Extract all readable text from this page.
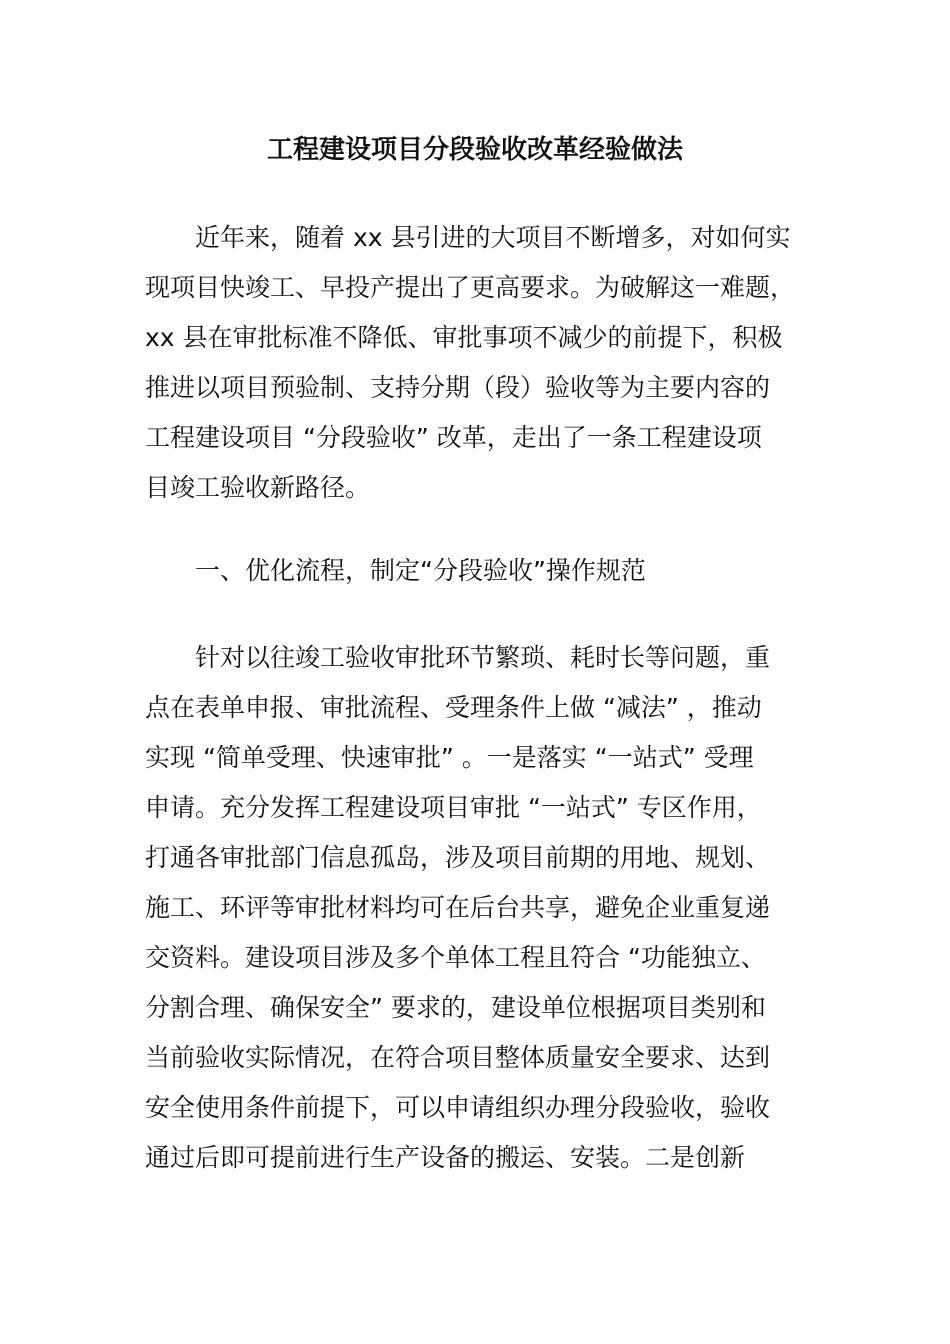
工程建设项目分段验收改革经验做法
近年来，随着 xx 县引进的大项目不断增多，对如何实
现项目快竣工、早投产提出了更高要求。为破解这一难题，
xx 县在审批标准不降低、审批事项不减少的前提下，积极
推进以项目预验制、支持分期（段）验收等为主要内容的
工程建设项目 “分段验收” 改革，走出了一条工程建设项
目竣工验收新路径。
一、优化流程，制定“分段验收”操作规范
针对以往竣工验收审批环节繁琐、耗时长等问题，重
点在表单申报、审批流程、受理条件上做 “减法” ，推动
实现 “简单受理、快速审批” 。一是落实 “一站式” 受理
申请。充分发挥工程建设项目审批 “一站式” 专区作用，
打通各审批部门信息孤岛，涉及项目前期的用地、规划、
施工、环评等审批材料均可在后台共享，避免企业重复递
交资料。建设项目涉及多个单体工程且符合 “功能独立、
分割合理、确保安全” 要求的，建设单位根据项目类别和
当前验收实际情况，在符合项目整体质量安全要求、达到
安全使用条件前提下，可以申请组织办理分段验收，验收
通过后即可提前进行生产设备的搬运、安装。二是创新
